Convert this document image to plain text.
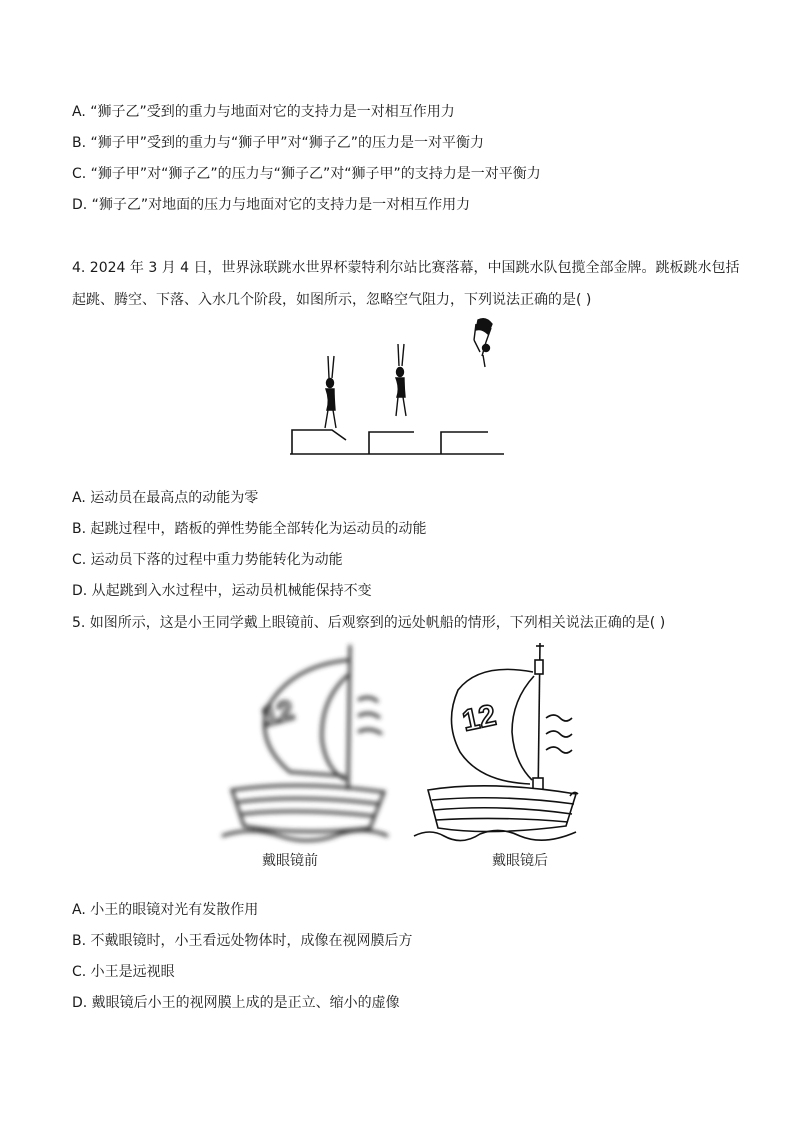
A. “狮子乙”受到的重力与地面对它的支持力是一对相互作用力
B. “狮子甲”受到的重力与“狮子甲”对“狮子乙”的压力是一对平衡力
C. “狮子甲”对“狮子乙”的压力与“狮子乙”对“狮子甲”的支持力是一对平衡力
D. “狮子乙”对地面的压力与地面对它的支持力是一对相互作用力
4. 2024 年 3 月 4 日，世界泳联跳水世界杯蒙特利尔站比赛落幕，中国跳水队包揽全部金牌。跳板跳水包括
起跳、腾空、下落、入水几个阶段，如图所示，忽略空气阻力，下列说法正确的是( )
A. 运动员在最高点的动能为零
B. 起跳过程中，踏板的弹性势能全部转化为运动员的动能
C. 运动员下落的过程中重力势能转化为动能
D. 从起跳到入水过程中，运动员机械能保持不变
5. 如图所示，这是小王同学戴上眼镜前、后观察到的远处帆船的情形，下列相关说法正确的是( )
12	12
戴眼镜前	戴眼镜后
A. 小王的眼镜对光有发散作用
B. 不戴眼镜时，小王看远处物体时，成像在视网膜后方
C. 小王是远视眼
D. 戴眼镜后小王的视网膜上成的是正立、缩小的虚像
